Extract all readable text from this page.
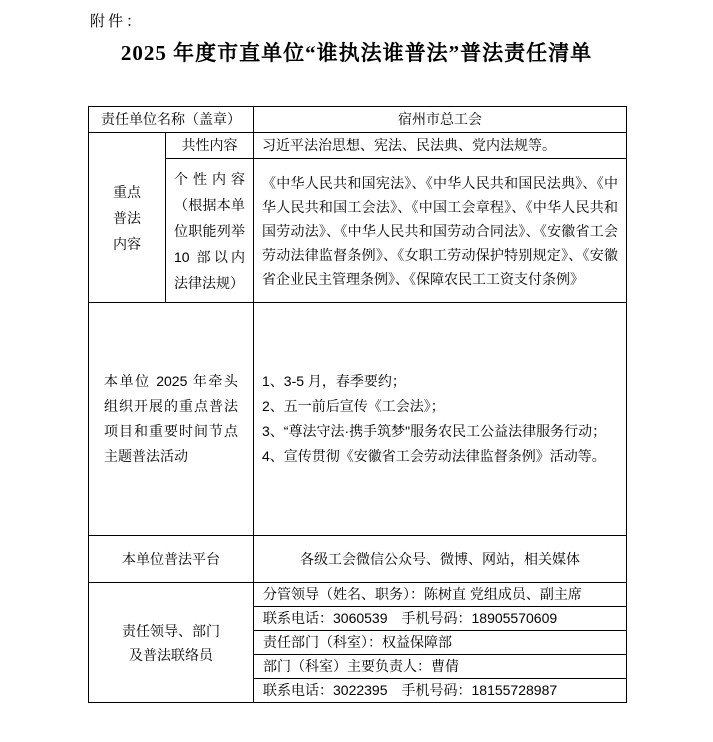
附件：
2025 年度市直单位“谁执法谁普法”普法责任清单
责任单位名称（盖章）		宿州市总工会

重点普法内容	共性内容	习近平法治思想、宪法、民法典、党内法规等。
	个性内容（根据本单位职能列举 10 部以内法律法规）	《中华人民共和国宪法》、《中华人民共和国民法典》、《中华人民共和国工会法》、《中国工会章程》、《中华人民共和国劳动法》、《中华人民共和国劳动合同法》、《安徽省工会劳动法律监督条例》、《女职工劳动保护特别规定》、《安徽省企业民主管理条例》、《保障农民工工资支付条例》

本单位 2025 年牵头组织开展的重点普法项目和重要时间节点主题普法活动		1、3-5 月，春季要约；
2、五一前后宣传《工会法》；
3、“尊法守法·携手筑梦"服务农民工公益法律服务行动；
4、宣传贯彻《安徽省工会劳动法律监督条例》活动等。

本单位普法平台		各级工会微信公众号、微博、网站，相关媒体

责任领导、部门
及普法联络员		分管领导（姓名、职务）：陈树直 党组成员、副主席
		联系电话：3060539　手机号码：18905570609
		责任部门（科室）：权益保障部
		部门（科室）主要负责人：曹倩
		联系电话：3022395　手机号码：18155728987
